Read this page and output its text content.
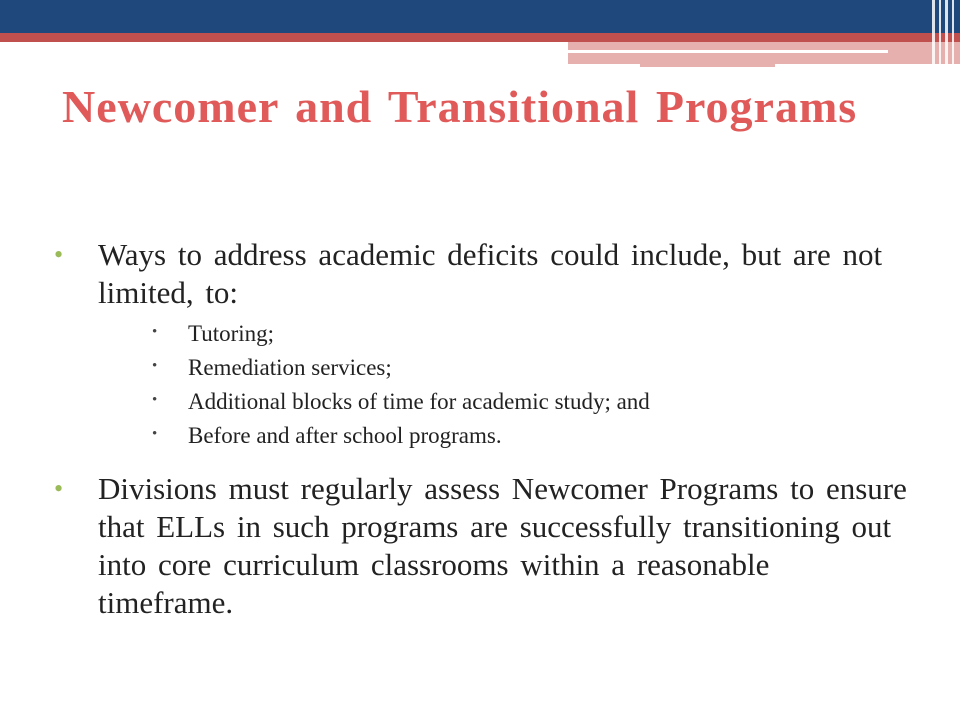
Newcomer and Transitional Programs
• Ways to address academic deficits could include, but are not limited, to:
• Tutoring;
• Remediation services;
• Additional blocks of time for academic study; and
• Before and after school programs.
• Divisions must regularly assess Newcomer Programs to ensure that ELLs in such programs are successfully transitioning out into core curriculum classrooms within a reasonable timeframe.
